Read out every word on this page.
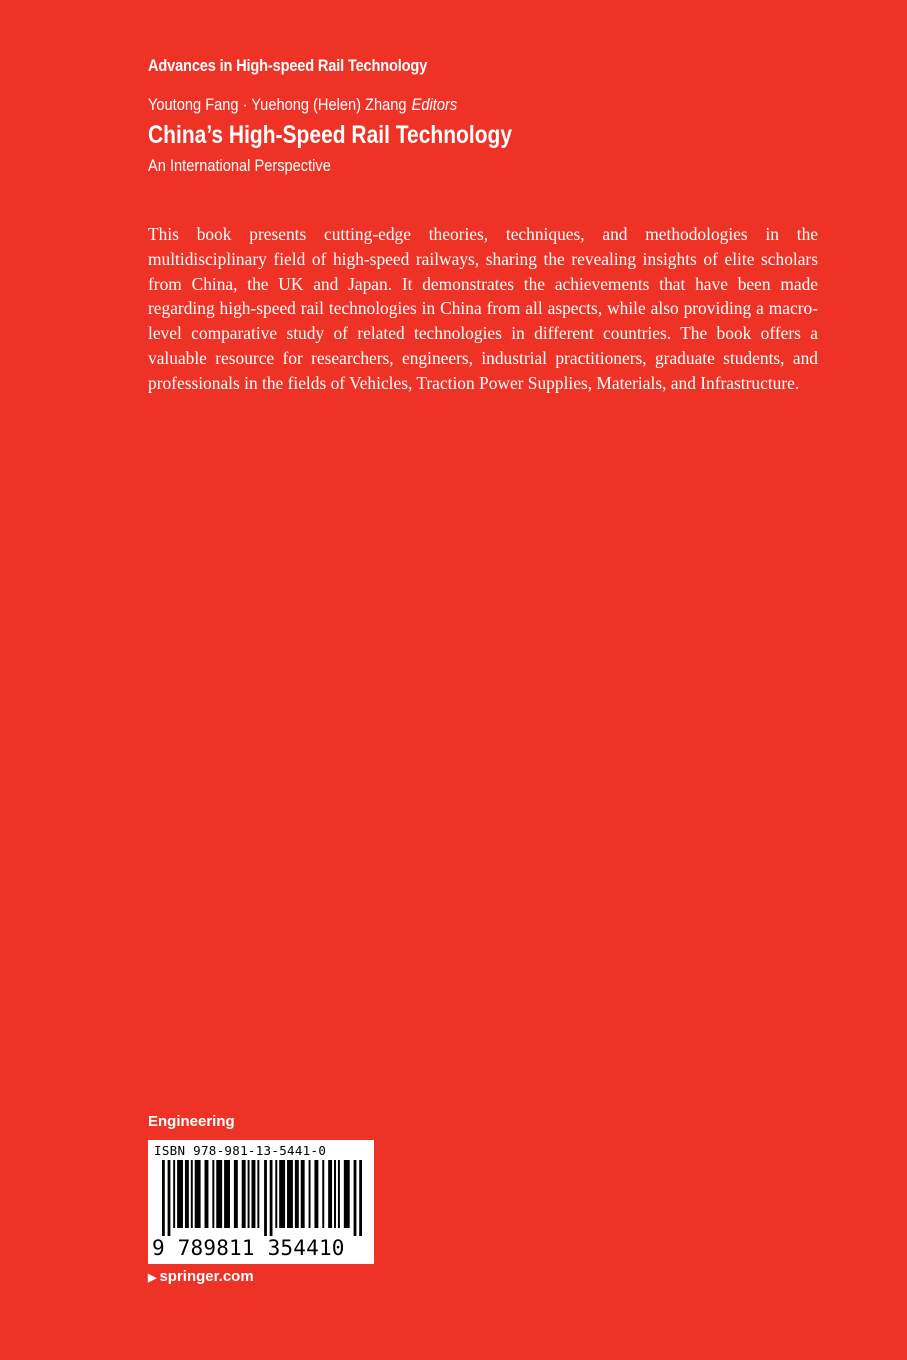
Advances in High-speed Rail Technology
Youtong Fang · Yuehong (Helen) Zhang Editors
China’s High-Speed Rail Technology
An International Perspective

This book presents cutting-edge theories, techniques, and methodologies in the multidisciplinary field of high-speed railways, sharing the revealing insights of elite scholars from China, the UK and Japan. It demonstrates the achievements that have been made regarding high-speed rail technologies in China from all aspects, while also providing a macro-level comparative study of related technologies in different countries. The book offers a valuable resource for researchers, engineers, industrial practitioners, graduate students, and professionals in the fields of Vehicles, Traction Power Supplies, Materials, and Infrastructure.

Engineering
ISBN 978-981-13-5441-0
9 789811 354410
▶ springer.com
